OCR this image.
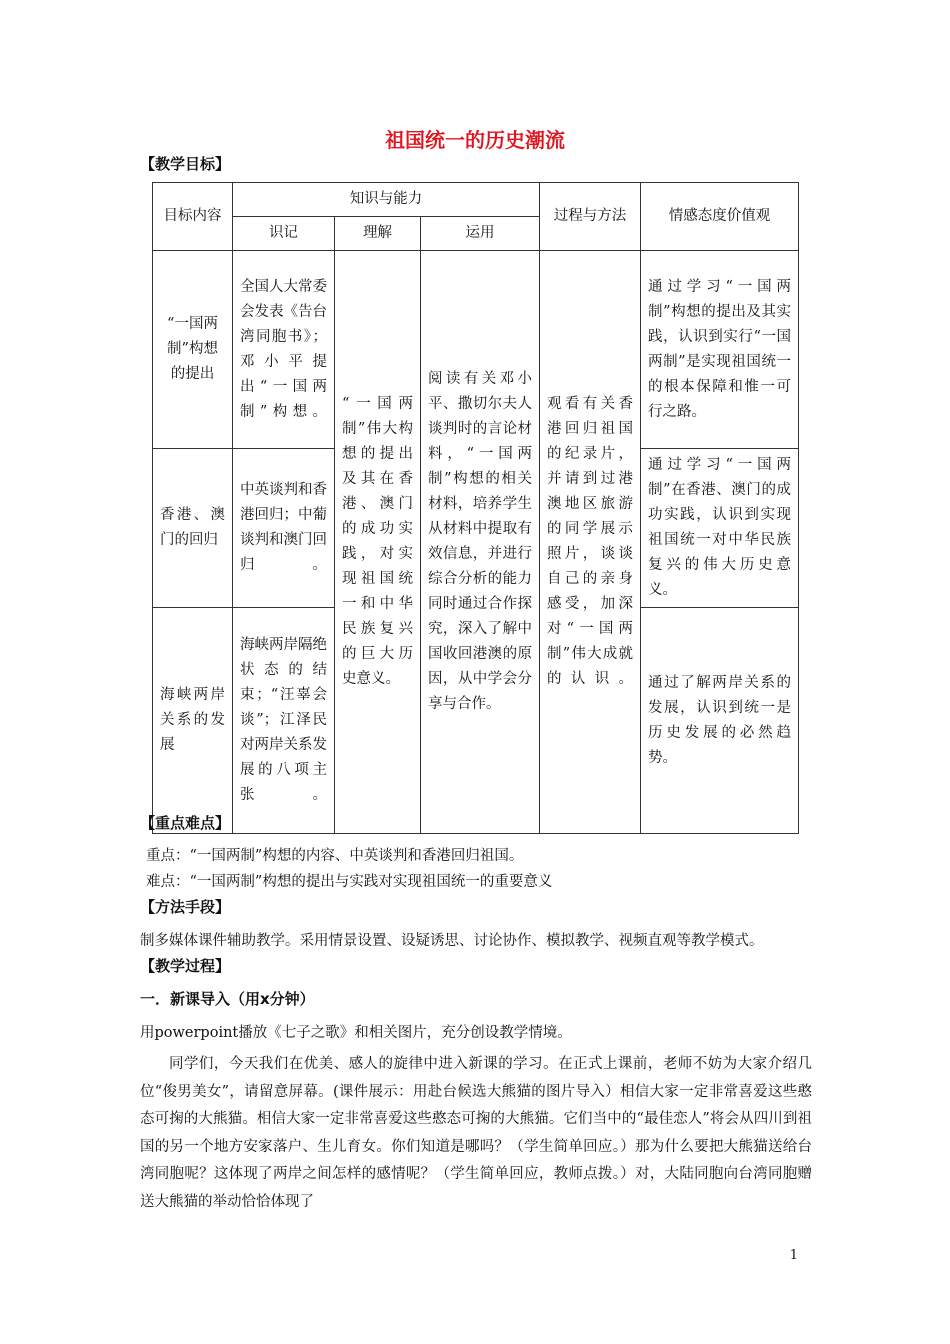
祖国统一的历史潮流
【教学目标】
目标内容	知识与能力			过程与方法	情感态度价值观
	识记	理解	运用		
“一国两制”构想的提出	全国人大常委会发表《告台湾同胞书》；邓小平提出“一国两制”构想。	“一国两制”伟大构想的提出及其在香港、澳门的成功实践，对实现祖国统一和中华民族复兴的巨大历史意义。	阅读有关邓小平、撒切尔夫人谈判时的言论材料，“一国两制”构想的相关材料，培养学生从材料中提取有效信息，并进行综合分析的能力同时通过合作探究，深入了解中国收回港澳的原因，从中学会分享与合作。	观看有关香港回归祖国的纪录片，并请到过港澳地区旅游的同学展示照片，谈谈自己的亲身感受，加深对“一国两制”伟大成就的认识。	通过学习“一国两制”构想的提出及其实践，认识到实行“一国两制”是实现祖国统一的根本保障和惟一可行之路。
香港、澳门的回归	中英谈判和香港回归；中葡谈判和澳门回归。				通过学习“一国两制”在香港、澳门的成功实践，认识到实现祖国统一对中华民族复兴的伟大历史意义。
海峡两岸关系的发展	海峡两岸隔绝状态的结束；“汪辜会谈”；江泽民对两岸关系发展的八项主张。				通过了解两岸关系的发展，认识到统一是历史发展的必然趋势。
【重点难点】
重点：“一国两制”构想的内容、中英谈判和香港回归祖国。
难点：“一国两制”构想的提出与实践对实现祖国统一的重要意义
【方法手段】
制多媒体课件辅助教学。采用情景设置、设疑诱思、讨论协作、模拟教学、视频直观等教学模式。
【教学过程】
一．新课导入（用x分钟）
用powerpoint播放《七子之歌》和相关图片，充分创设教学情境。
同学们，今天我们在优美、感人的旋律中进入新课的学习。在正式上课前，老师不妨为大家介绍几位“俊男美女”，请留意屏幕。(课件展示：用赴台候选大熊猫的图片导入）相信大家一定非常喜爱这些憨态可掬的大熊猫。相信大家一定非常喜爱这些憨态可掬的大熊猫。它们当中的“最佳恋人”将会从四川到祖国的另一个地方安家落户、生儿育女。你们知道是哪吗？（学生简单回应。）那为什么要把大熊猫送给台湾同胞呢？这体现了两岸之间怎样的感情呢？（学生简单回应，教师点拨。）对，大陆同胞向台湾同胞赠送大熊猫的举动恰恰体现了
1
